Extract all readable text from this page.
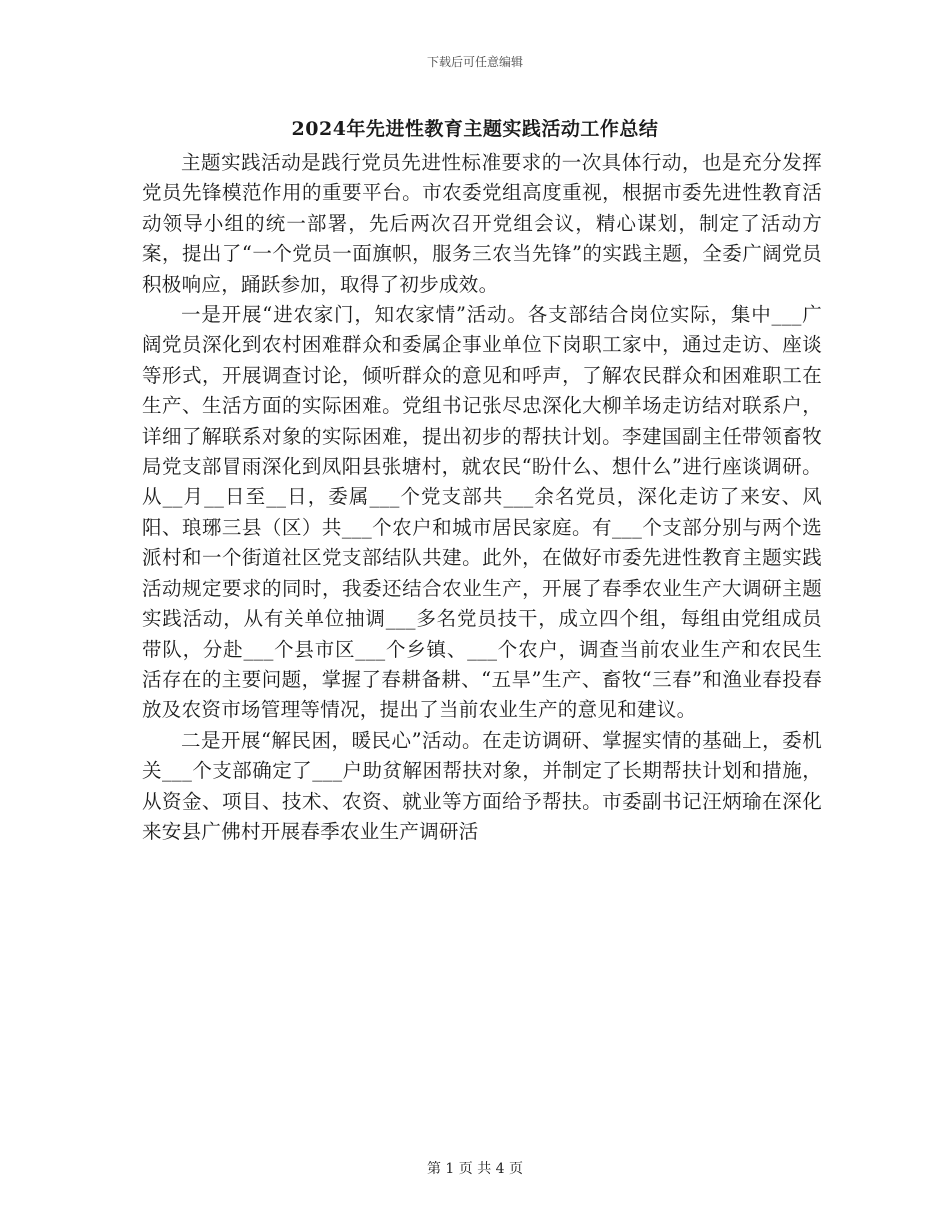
下载后可任意编辑
2024年先进性教育主题实践活动工作总结

主题实践活动是践行党员先进性标准要求的一次具体行动，也是充分发挥党员先锋模范作用的重要平台。市农委党组高度重视，根据市委先进性教育活动领导小组的统一部署，先后两次召开党组会议，精心谋划，制定了活动方案，提出了“一个党员一面旗帜，服务三农当先锋”的实践主题，全委广阔党员积极响应，踊跃参加，取得了初步成效。

一是开展“进农家门，知农家情”活动。各支部结合岗位实际，集中___广阔党员深化到农村困难群众和委属企事业单位下岗职工家中，通过走访、座谈等形式，开展调查讨论，倾听群众的意见和呼声，了解农民群众和困难职工在生产、生活方面的实际困难。党组书记张尽忠深化大柳羊场走访结对联系户，详细了解联系对象的实际困难，提出初步的帮扶计划。李建国副主任带领畜牧局党支部冒雨深化到凤阳县张塘村，就农民“盼什么、想什么”进行座谈调研。从__月__日至__日，委属___个党支部共___余名党员，深化走访了来安、风阳、琅琊三县（区）共___个农户和城市居民家庭。有___个支部分别与两个选派村和一个街道社区党支部结队共建。此外，在做好市委先进性教育主题实践活动规定要求的同时，我委还结合农业生产，开展了春季农业生产大调研主题实践活动，从有关单位抽调___多名党员技干，成立四个组，每组由党组成员带队，分赴___个县市区___个乡镇、___个农户，调查当前农业生产和农民生活存在的主要问题，掌握了春耕备耕、“五旱”生产、畜牧“三春”和渔业春投春放及农资市场管理等情况，提出了当前农业生产的意见和建议。

二是开展“解民困，暖民心”活动。在走访调研、掌握实情的基础上，委机关___个支部确定了___户助贫解困帮扶对象，并制定了长期帮扶计划和措施，从资金、项目、技术、农资、就业等方面给予帮扶。市委副书记汪炳瑜在深化来安县广佛村开展春季农业生产调研活

第 1 页 共 4 页
